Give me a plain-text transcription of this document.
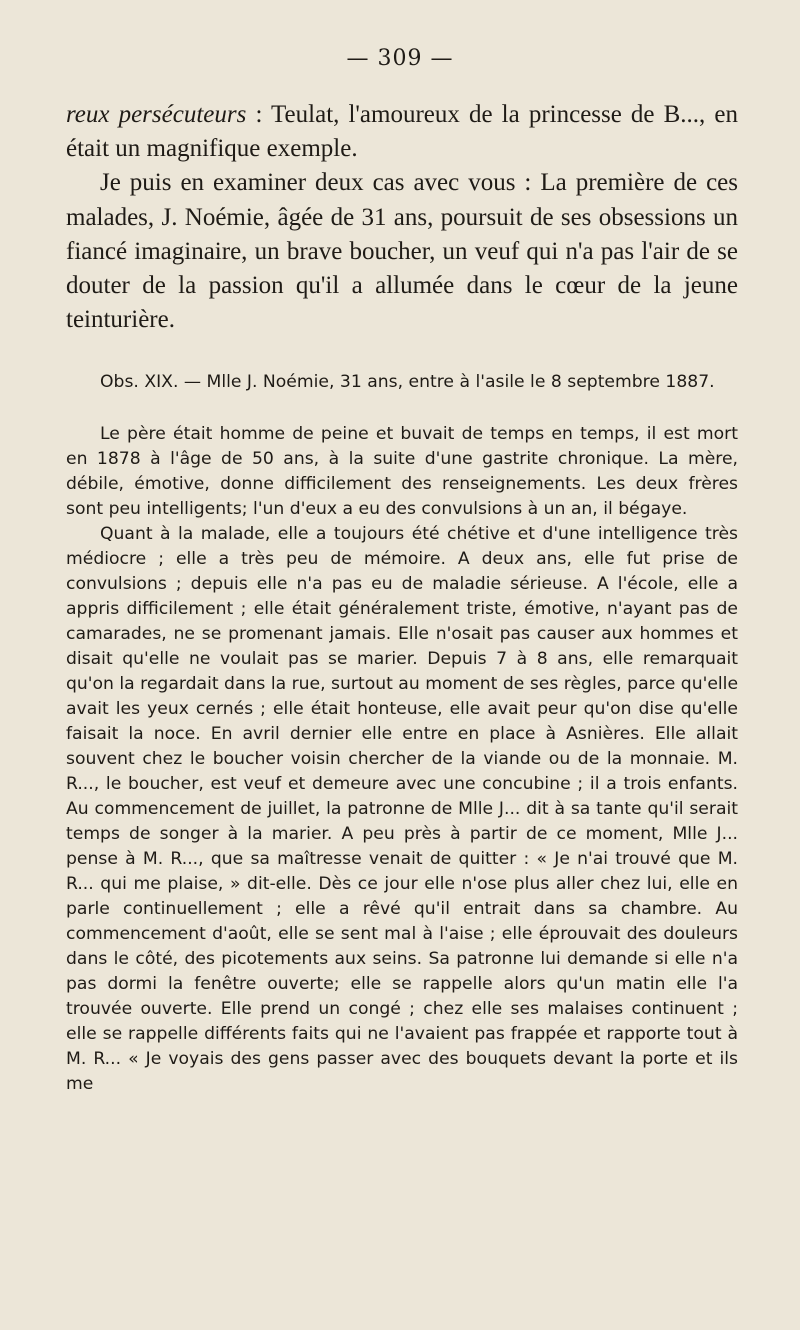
— 309 —

reux persécuteurs : Teulat, l'amoureux de la princesse de B..., en était un magnifique exemple.

Je puis en examiner deux cas avec vous : La première de ces malades, J. Noémie, âgée de 31 ans, poursuit de ses obsessions un fiancé imaginaire, un brave boucher, un veuf qui n'a pas l'air de se douter de la passion qu'il a allumée dans le cœur de la jeune teinturière.

Obs. XIX. — Mlle J. Noémie, 31 ans, entre à l'asile le 8 septembre 1887.

Le père était homme de peine et buvait de temps en temps, il est mort en 1878 à l'âge de 50 ans, à la suite d'une gastrite chronique. La mère, débile, émotive, donne difficilement des renseignements. Les deux frères sont peu intelligents; l'un d'eux a eu des convulsions à un an, il bégaye.

Quant à la malade, elle a toujours été chétive et d'une intelligence très médiocre ; elle a très peu de mémoire. A deux ans, elle fut prise de convulsions ; depuis elle n'a pas eu de maladie sérieuse. A l'école, elle a appris difficilement ; elle était généralement triste, émotive, n'ayant pas de camarades, ne se promenant jamais. Elle n'osait pas causer aux hommes et disait qu'elle ne voulait pas se marier. Depuis 7 à 8 ans, elle remarquait qu'on la regardait dans la rue, surtout au moment de ses règles, parce qu'elle avait les yeux cernés ; elle était honteuse, elle avait peur qu'on dise qu'elle faisait la noce. En avril dernier elle entre en place à Asnières. Elle allait souvent chez le boucher voisin chercher de la viande ou de la monnaie. M. R..., le boucher, est veuf et demeure avec une concubine ; il a trois enfants. Au commencement de juillet, la patronne de Mlle J... dit à sa tante qu'il serait temps de songer à la marier. A peu près à partir de ce moment, Mlle J... pense à M. R..., que sa maîtresse venait de quitter : « Je n'ai trouvé que M. R... qui me plaise, » dit-elle. Dès ce jour elle n'ose plus aller chez lui, elle en parle continuellement ; elle a rêvé qu'il entrait dans sa chambre. Au commencement d'août, elle se sent mal à l'aise ; elle éprouvait des douleurs dans le côté, des picotements aux seins. Sa patronne lui demande si elle n'a pas dormi la fenêtre ouverte; elle se rappelle alors qu'un matin elle l'a trouvée ouverte. Elle prend un congé ; chez elle ses malaises continuent ; elle se rappelle différents faits qui ne l'avaient pas frappée et rapporte tout à M. R... « Je voyais des gens passer avec des bouquets devant la porte et ils me
